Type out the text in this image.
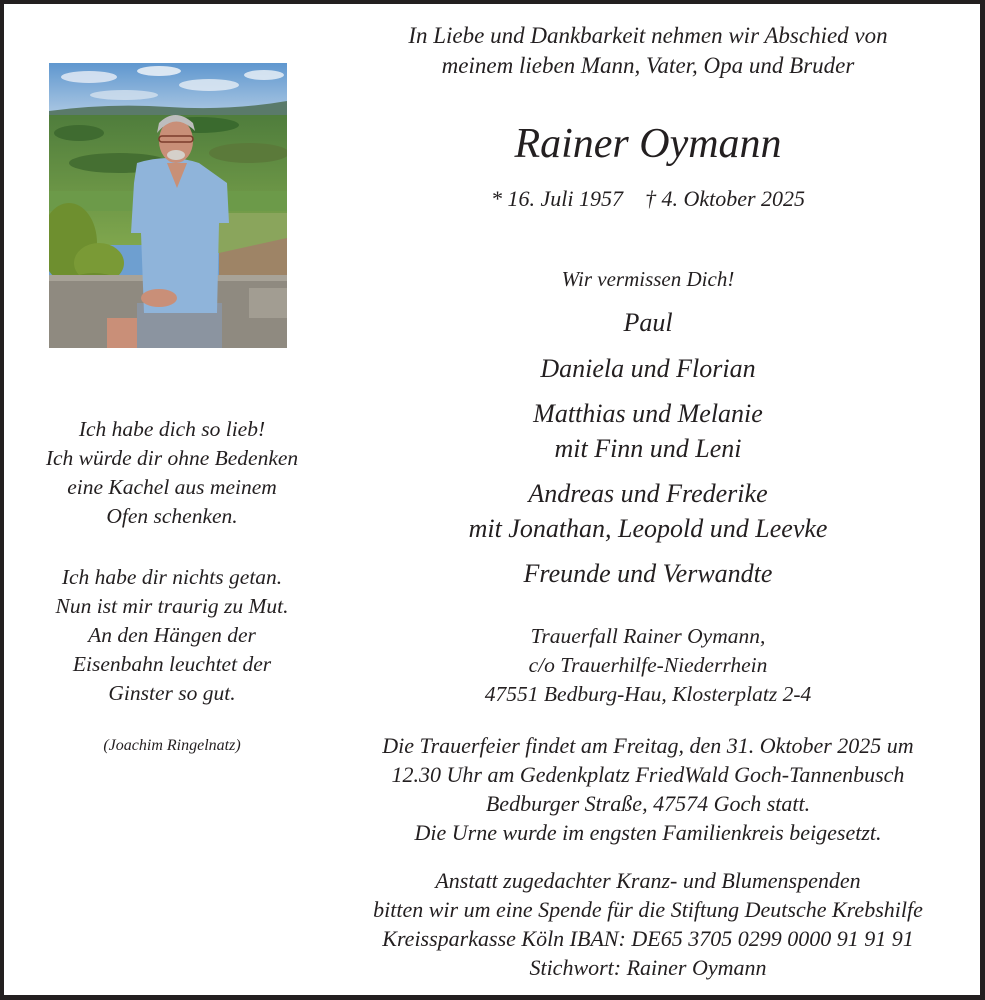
In Liebe und Dankbarkeit nehmen wir Abschied von
meinem lieben Mann, Vater, Opa und Bruder
Rainer Oymann
* 16. Juli 1957 † 4. Oktober 2025
Wir vermissen Dich!
Paul
Daniela und Florian
Matthias und Melanie
mit Finn und Leni
Andreas und Frederike
mit Jonathan, Leopold und Leevke
Freunde und Verwandte
Trauerfall Rainer Oymann,
c/o Trauerhilfe-Niederrhein
47551 Bedburg-Hau, Klosterplatz 2-4
Die Trauerfeier findet am Freitag, den 31. Oktober 2025 um
12.30 Uhr am Gedenkplatz FriedWald Goch-Tannenbusch
Bedburger Straße, 47574 Goch statt.
Die Urne wurde im engsten Familienkreis beigesetzt.
Anstatt zugedachter Kranz- und Blumenspenden
bitten wir um eine Spende für die Stiftung Deutsche Krebshilfe
Kreissparkasse Köln IBAN: DE65 3705 0299 0000 91 91 91
Stichwort: Rainer Oymann
Ich habe dich so lieb!
Ich würde dir ohne Bedenken
eine Kachel aus meinem
Ofen schenken.
Ich habe dir nichts getan.
Nun ist mir traurig zu Mut.
An den Hängen der
Eisenbahn leuchtet der
Ginster so gut.
(Joachim Ringelnatz)
